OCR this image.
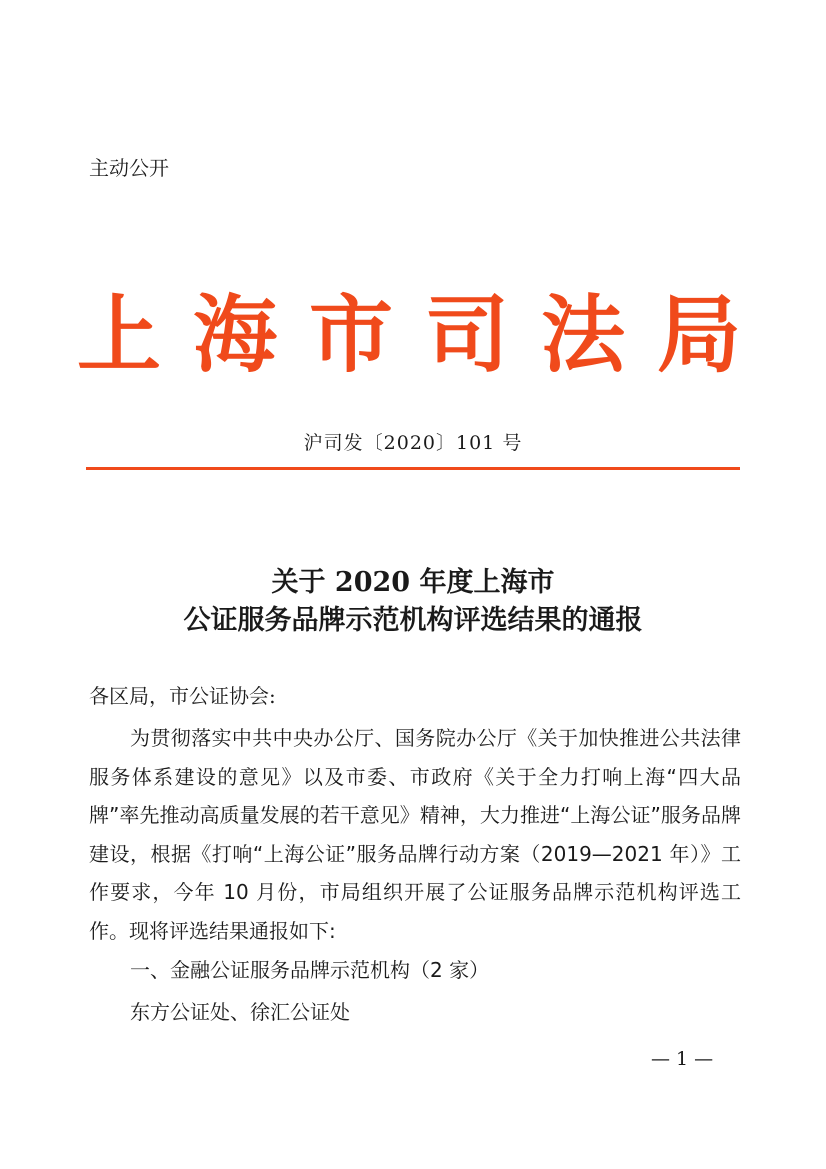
主动公开
上海市司法局
沪司发〔2020〕101 号
关于 2020 年度上海市
公证服务品牌示范机构评选结果的通报
各区局，市公证协会:
为贯彻落实中共中央办公厅、国务院办公厅《关于加快推进公共法律服务体系建设的意见》以及市委、市政府《关于全力打响上海“四大品牌”率先推动高质量发展的若干意见》精神，大力推进“上海公证”服务品牌建设，根据《打响“上海公证”服务品牌行动方案（2019—2021 年）》工作要求，今年 10 月份，市局组织开展了公证服务品牌示范机构评选工作。现将评选结果通报如下:
一、金融公证服务品牌示范机构（2 家）
东方公证处、徐汇公证处
— 1 —
